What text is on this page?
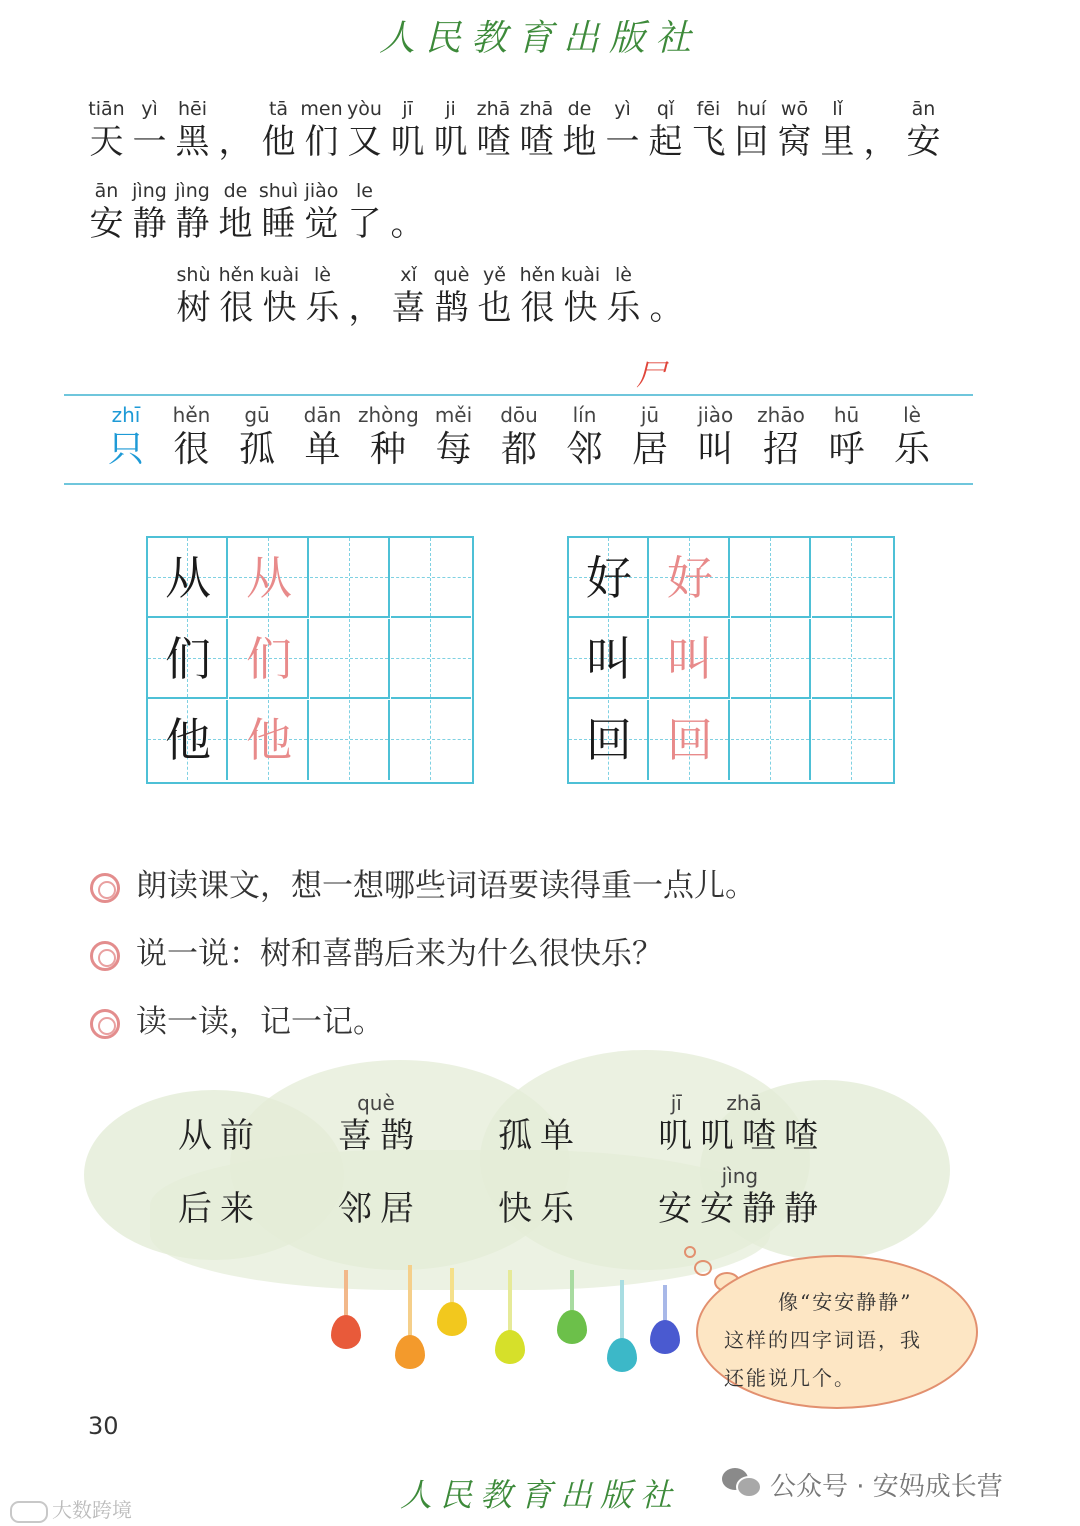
人民教育出版社
tiān
天
yì
一
hēi
黑 ，
tā
他
men
们
yòu
又
jī
叽
ji
叽
zhā
喳
zhā
喳
de
地
yì
一
qǐ
起
fēi
飞
huí
回
wō
窝
lǐ
里 ，
ān
安
ān
安
jìng
静
jìng
静
de
地
shuì
睡
jiào
觉
le
了 。
shù
树
hěn
很
kuài
快
lè
乐 ，
xǐ
喜
què
鹊
yě
也
hěn
很
kuài
快
lè
乐 。
尸
zhī
只
hěn
很
gū
孤
dān
单
zhòng
种
měi
每
dōu
都
lín
邻
jū
居
jiào
叫
zhāo
招
hū
呼
lè
乐
从 从
们 们
他 他
好 好
叫 叫
回 回
朗读课文，想一想哪些词语要读得重一点儿。
说一说：树和喜鹊后来为什么很快乐？
读一读，记一记。
从前
què
喜鹊 孤单
jī       zhā
叽叽喳喳
后来 邻居 快乐
jìng
安安静静
像“安安静静”
这样的四字词语，我
还能说几个。
30
人民教育出版社	公众号 · 安妈成长营
大数跨境
